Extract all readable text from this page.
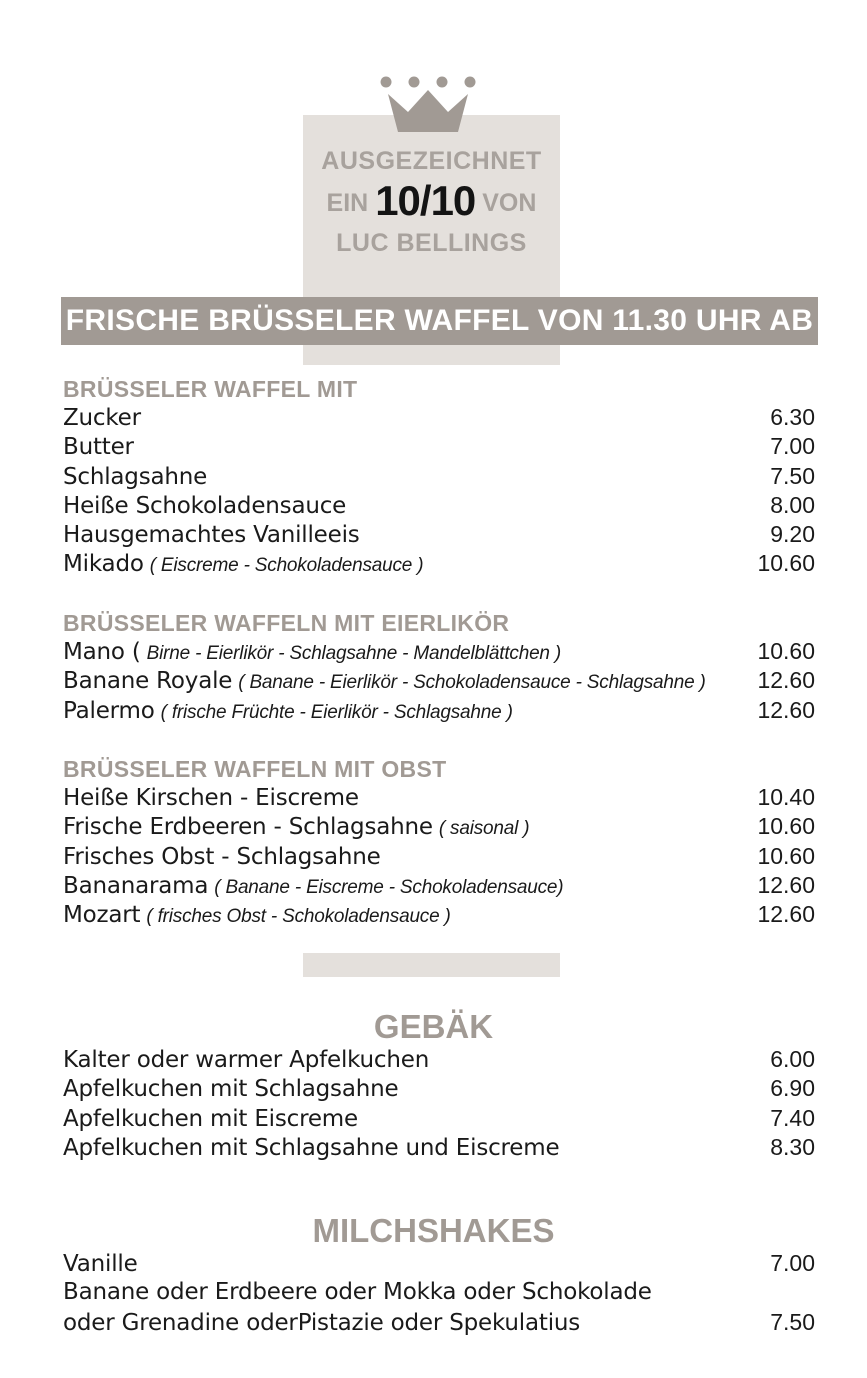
AUSGEZEICHNET
EIN 10/10 VON
LUC BELLINGS
FRISCHE BRÜSSELER WAFFEL VON 11.30 UHR AB
BRÜSSELER WAFFEL MIT
Zucker	6.30
Butter	7.00
Schlagsahne	7.50
Heiße Schokoladensauce	8.00
Hausgemachtes Vanilleeis	9.20
Mikado ( Eiscreme - Schokoladensauce )	10.60
BRÜSSELER WAFFELN MIT EIERLIKÖR
Mano ( Birne - Eierlikör - Schlagsahne - Mandelblättchen )	10.60
Banane Royale ( Banane - Eierlikör - Schokoladensauce - Schlagsahne ) 12.60
Palermo ( frische Früchte - Eierlikör - Schlagsahne )	12.60
BRÜSSELER WAFFELN MIT OBST
Heiße Kirschen - Eiscreme	10.40
Frische Erdbeeren - Schlagsahne ( saisonal )	10.60
Frisches Obst - Schlagsahne	10.60
Bananarama ( Banane - Eiscreme - Schokoladensauce)	12.60
Mozart ( frisches Obst - Schokoladensauce )	12.60
GEBÄK
Kalter oder warmer Apfelkuchen	6.00
Apfelkuchen mit Schlagsahne	6.90
Apfelkuchen mit Eiscreme	7.40
Apfelkuchen mit Schlagsahne und Eiscreme	8.30
MILCHSHAKES
Vanille	7.00
Banane oder Erdbeere oder Mokka oder Schokolade
oder Grenadine oderPistazie oder Spekulatius	7.50
